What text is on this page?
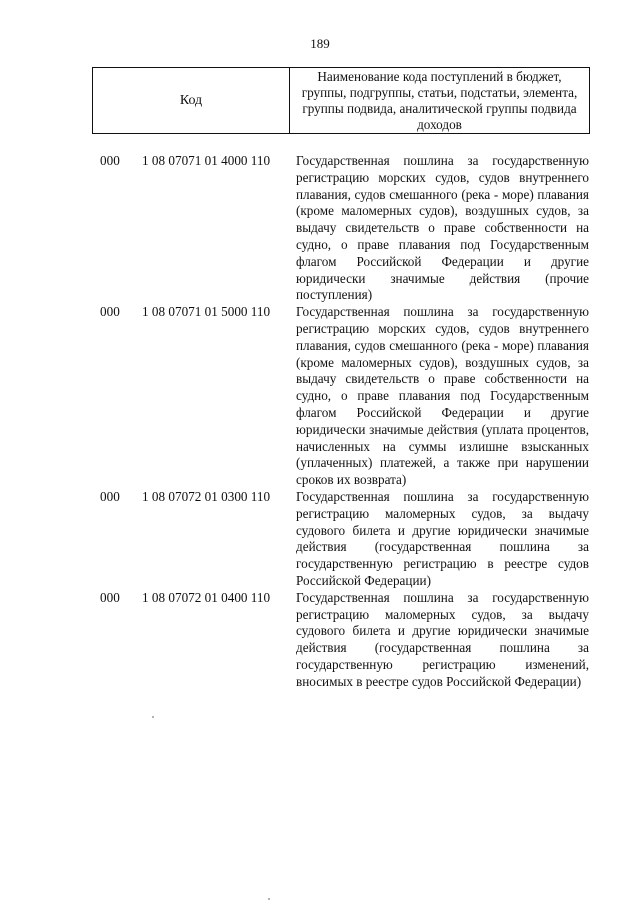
189
Код
Наименование кода поступлений в бюджет, группы, подгруппы, статьи, подстатьи, элемента, группы подвида, аналитической группы подвида доходов
000	1 08 07071 01 4000 110	Государственная пошлина за государственную регистрацию морских судов, судов внутреннего плавания, судов смешанного (река - море) плавания (кроме маломерных судов), воздушных судов, за выдачу свидетельств о праве собственности на судно, о праве плавания под Государственным флагом Российской Федерации и другие юридически значимые действия (прочие поступления)
000	1 08 07071 01 5000 110	Государственная пошлина за государственную регистрацию морских судов, судов внутреннего плавания, судов смешанного (река - море) плавания (кроме маломерных судов), воздушных судов, за выдачу свидетельств о праве собственности на судно, о праве плавания под Государственным флагом Российской Федерации и другие юридически значимые действия (уплата процентов, начисленных на суммы излишне взысканных (уплаченных) платежей, а также при нарушении сроков их возврата)
000	1 08 07072 01 0300 110	Государственная пошлина за государственную регистрацию маломерных судов, за выдачу судового билета и другие юридически значимые действия (государственная пошлина за государственную регистрацию в реестре судов Российской Федерации)
000	1 08 07072 01 0400 110	Государственная пошлина за государственную регистрацию маломерных судов, за выдачу судового билета и другие юридически значимые действия (государственная пошлина за государственную регистрацию изменений, вносимых в реестре судов Российской Федерации)
